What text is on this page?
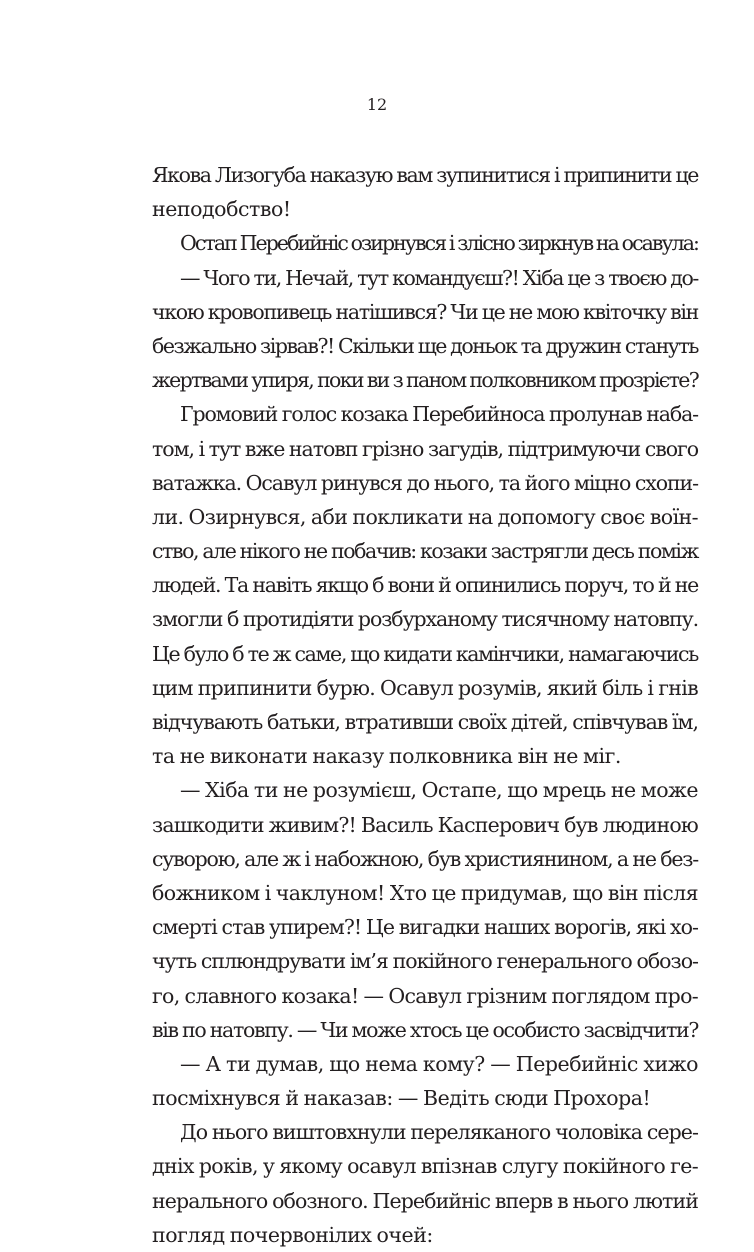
12
Якова Лизогуба наказую вам зупинитися і припинити це
неподобство!
Остап Перебийніс озирнувся і злісно зиркнув на осавула:
— Чого ти, Нечай, тут командуєш?! Хіба це з твоєю до-
чкою кровопивець натішився? Чи це не мою квіточку він
безжально зірвав?! Скільки ще доньок та дружин стануть
жертвами упиря, поки ви з паном полковником прозрієте?
Громовий голос козака Перебийноса пролунав наба-
том, і тут вже натовп грізно загудів, підтримуючи свого
ватажка. Осавул ринувся до нього, та його міцно схопи-
ли. Озирнувся, аби покликати на допомогу своє воїн-
ство, але нікого не побачив: козаки застрягли десь поміж
людей. Та навіть якщо б вони й опинились поруч, то й не
змогли б протидіяти розбурханому тисячному натовпу.
Це було б те ж саме, що кидати камінчики, намагаючись
цим припинити бурю. Осавул розумів, який біль і гнів
відчувають батьки, втративши своїх дітей, співчував їм,
та не виконати наказу полковника він не міг.
— Хіба ти не розумієш, Остапе, що мрець не може
зашкодити живим?! Василь Касперович був людиною
суворою, але ж і набожною, був християнином, а не без-
божником і чаклуном! Хто це придумав, що він після
смерті став упирем?! Це вигадки наших ворогів, які хо-
чуть сплюндрувати ім’я покійного генерального обозо-
го, славного козака! — Осавул грізним поглядом про-
вів по натовпу. — Чи може хтось це особисто засвідчити?
— А ти думав, що нема кому? — Перебийніс хижо
посміхнувся й наказав: — Ведіть сюди Прохора!
До нього виштовхнули переляканого чоловіка сере-
дніх років, у якому осавул впізнав слугу покійного ге-
нерального обозного. Перебийніс вперв в нього лютий
погляд почервонілих очей:
